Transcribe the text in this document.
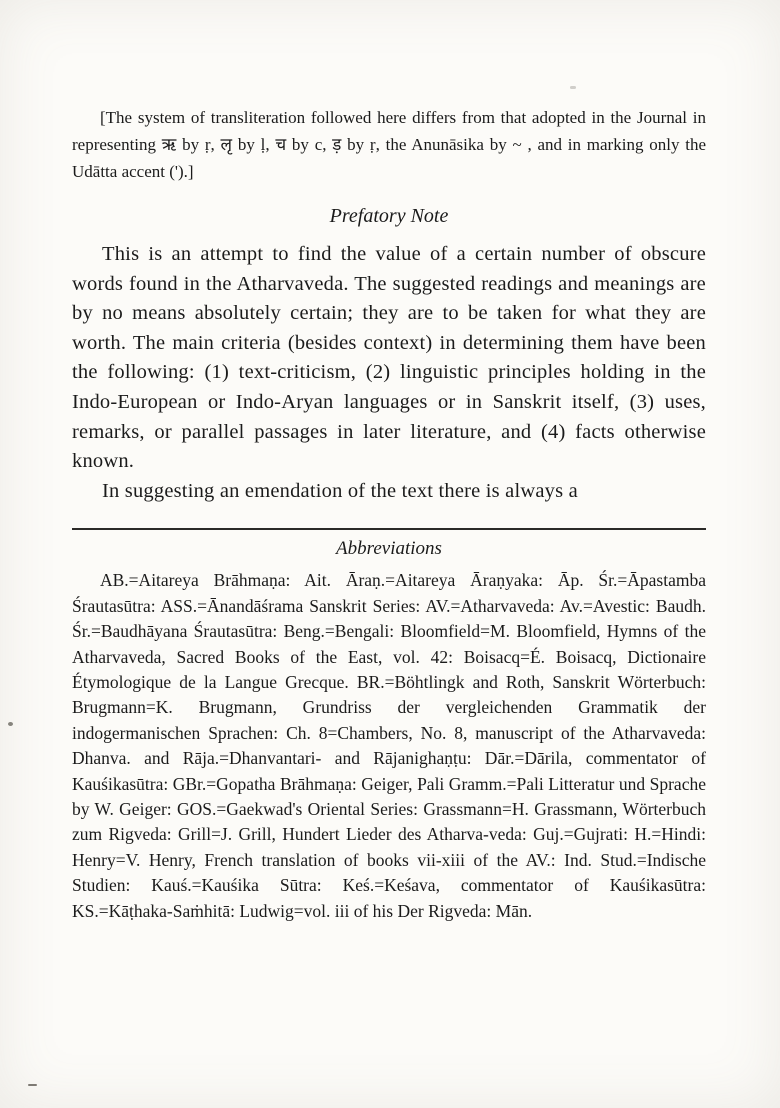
[The system of transliteration followed here differs from that adopted in the Journal in representing ऋ by ṛ, लृ by ḷ, च by c, ड़ by ṛ, the Anunāsika by ~ , and in marking only the Udātta accent (').]

Prefatory Note

This is an attempt to find the value of a certain number of obscure words found in the Atharvaveda. The suggested readings and meanings are by no means absolutely certain; they are to be taken for what they are worth. The main criteria (besides context) in determining them have been the following: (1) text-criticism, (2) linguistic principles holding in the Indo-European or Indo-Aryan languages or in Sanskrit itself, (3) uses, remarks, or parallel passages in later literature, and (4) facts otherwise known.

In suggesting an emendation of the text there is always a

Abbreviations

AB.=Aitareya Brāhmaṇa: Ait. Āraṇ.=Aitareya Āraṇyaka: Āp. Śr.=Āpastamba Śrautasūtra: ASS.=Ānandāśrama Sanskrit Series: AV.=Atharvaveda: Av.=Avestic: Baudh. Śr.=Baudhāyana Śrautasūtra: Beng.=Bengali: Bloomfield=M. Bloomfield, Hymns of the Atharvaveda, Sacred Books of the East, vol. 42: Boisacq=É. Boisacq, Dictionaire Étymologique de la Langue Grecque. BR.=Böhtlingk and Roth, Sanskrit Wörterbuch: Brugmann=K. Brugmann, Grundriss der vergleichenden Grammatik der indogermanischen Sprachen: Ch. 8=Chambers, No. 8, manuscript of the Atharvaveda: Dhanva. and Rāja.=Dhanvantari- and Rājanighaṇṭu: Dār.=Dārila, commentator of Kauśikasūtra: GBr.=Gopatha Brāhmaṇa: Geiger, Pali Gramm.=Pali Litteratur und Sprache by W. Geiger: GOS.=Gaekwad's Oriental Series: Grassmann=H. Grassmann, Wörterbuch zum Rigveda: Grill=J. Grill, Hundert Lieder des Atharva-veda: Guj.=Gujrati: H.=Hindi: Henry=V. Henry, French translation of books vii-xiii of the AV.: Ind. Stud.=Indische Studien: Kauś.=Kauśika Sūtra: Keś.=Keśava, commentator of Kauśikasūtra: KS.=Kāṭhaka-Saṁhitā: Ludwig=vol. iii of his Der Rigveda: Mān.
